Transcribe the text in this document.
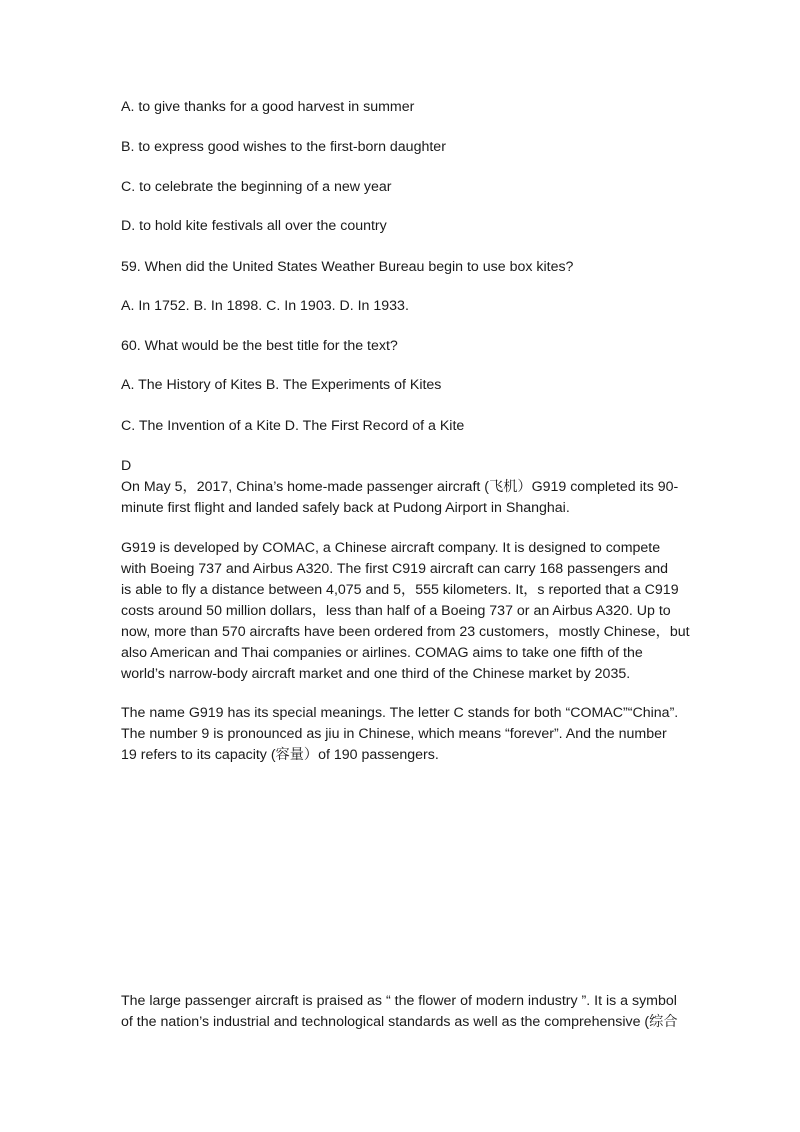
A. to give thanks for a good harvest in summer
B. to express good wishes to the first-born daughter
C. to celebrate the beginning of a new year
D. to hold kite festivals all over the country
59. When did the United States Weather Bureau begin to use box kites?
A. In 1752. B. In 1898. C. In 1903. D. In 1933.
60. What would be the best title for the text?
A. The History of Kites B. The Experiments of Kites
C. The Invention of a Kite D. The First Record of a Kite
D
On May 5，2017, China’s home-made passenger aircraft (飞机）G919 completed its 90-
minute first flight and landed safely back at Pudong Airport in Shanghai.
G919 is developed by COMAC, a Chinese aircraft company. It is designed to compete
with Boeing 737 and Airbus A320. The first C919 aircraft can carry 168 passengers and
is able to fly a distance between 4,075 and 5，555 kilometers. It，s reported that a C919
costs around 50 million dollars，less than half of a Boeing 737 or an Airbus A320. Up to
now, more than 570 aircrafts have been ordered from 23 customers，mostly Chinese，but
also American and Thai companies or airlines. COMAG aims to take one fifth of the
world’s narrow-body aircraft market and one third of the Chinese market by 2035.
The name G919 has its special meanings. The letter C stands for both “COMAC”“China”.
The number 9 is pronounced as jiu in Chinese, which means “forever”. And the number
19 refers to its capacity (容量）of 190 passengers.
The large passenger aircraft is praised as “ the flower of modern industry ”. It is a symbol
of the nation’s industrial and technological standards as well as the comprehensive (综合
